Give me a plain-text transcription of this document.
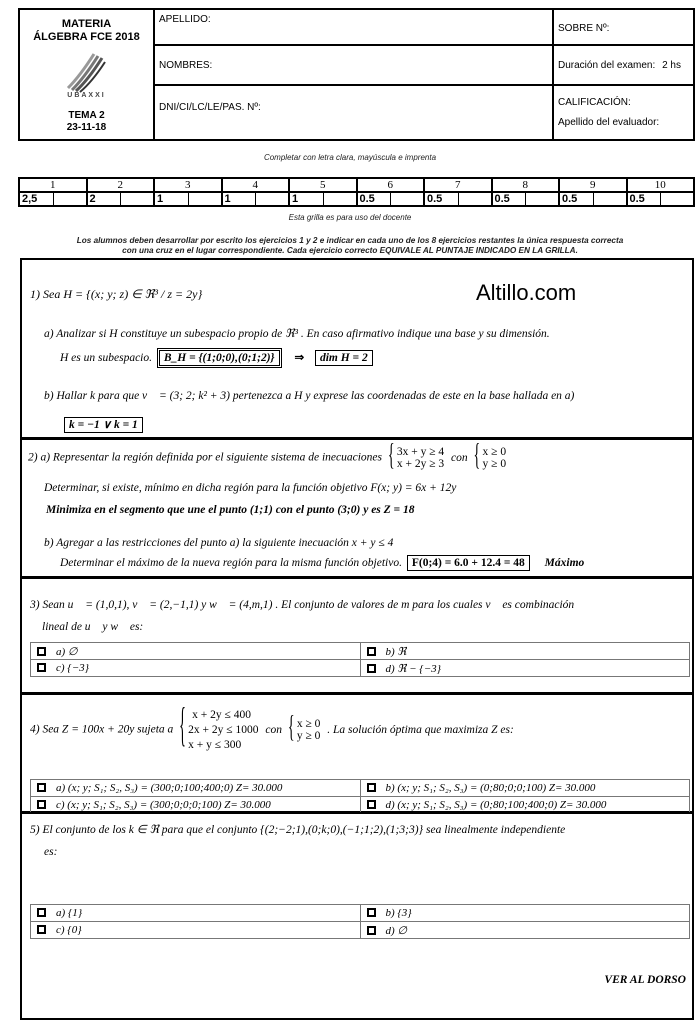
MATERIA
ÁLGEBRA FCE 2018
UBAXXI
TEMA 2
23-11-18
APELLIDO:
NOMBRES:
DNI/CI/LC/LE/PAS. Nº:
SOBRE Nº:
Duración del examen: 2 hs
CALIFICACIÓN:
Apellido del evaluador:
Completar con letra clara, mayúscula e imprenta
1		2		3		4		5		6		7		8		9		10	
2,5		2		1		1		1		0.5		0.5		0.5		0.5		0.5	
Esta grilla es para uso del docente
Los alumnos deben desarrollar por escrito los ejercicios 1 y 2 e indicar en cada uno de los 8 ejercicios restantes la única respuesta correcta
con una cruz en el lugar correspondiente. Cada ejercicio correcto EQUIVALE AL PUNTAJE INDICADO EN LA GRILLA.
1) Sea H = {(x; y; z) ∈ ℜ³ / z = 2y}
a) Analizar si H constituye un subespacio propio de ℜ³ . En caso afirmativo indique una base y su dimensión.
H es un subespacio. B_H = {(1;0;0),(0;1;2)} ⇒ dim H = 2
b) Hallar k para que v⃗ = (3; 2; k² + 3) pertenezca a H y exprese las coordenadas de este en la base hallada en a)
k = −1 ∨ k = 1
Altillo.com
2) a) Representar la región definida por el siguiente sistema de inecuaciones { 3x + y ≥ 4
x + 2y ≥ 3
con { x ≥ 0
y ≥ 0
Determinar, si existe, mínimo en dicha región para la función objetivo F(x; y) = 6x + 12y
Minimiza en el segmento que une el punto (1;1) con el punto (3;0) y es Z = 18
b) Agregar a las restricciones del punto a) la siguiente inecuación x + y ≤ 4
Determinar el máximo de la nueva región para la misma función objetivo. F(0;4) = 6.0 + 12.4 = 48 Máximo
3) Sean u⃗ = (1,0,1), v⃗ = (2,−1,1) y w⃗ = (4,m,1) . El conjunto de valores de m para los cuales v⃗ es combinación
lineal de u⃗ y w⃗ es:
a) ∅	b) ℜ
c) {−3}	d) ℜ − {−3}
4) Sea Z = 100x + 20y sujeta a
{ x + 2y ≤ 400
2x + 2y ≤ 1000
x + y ≤ 300
con { x ≥ 0
y ≥ 0
. La solución óptima que maximiza Z es:
a) (x; y; S₁; S₂, S₃) = (300;0;100;400;0) Z= 30.000	b) (x; y; S₁; S₂, S₃) = (0;80;0;0;100) Z= 30.000
c) (x; y; S₁; S₂, S₃) = (300;0;0;0;100) Z= 30.000	d) (x; y; S₁; S₂, S₃) = (0;80;100;400;0) Z= 30.000
5) El conjunto de los k ∈ ℜ para que el conjunto {(2;−2;1),(0;k;0),(−1;1;2),(1;3;3)} sea linealmente independiente
es:
a) {1}	b) {3}
c) {0}	d) ∅
VER AL DORSO
